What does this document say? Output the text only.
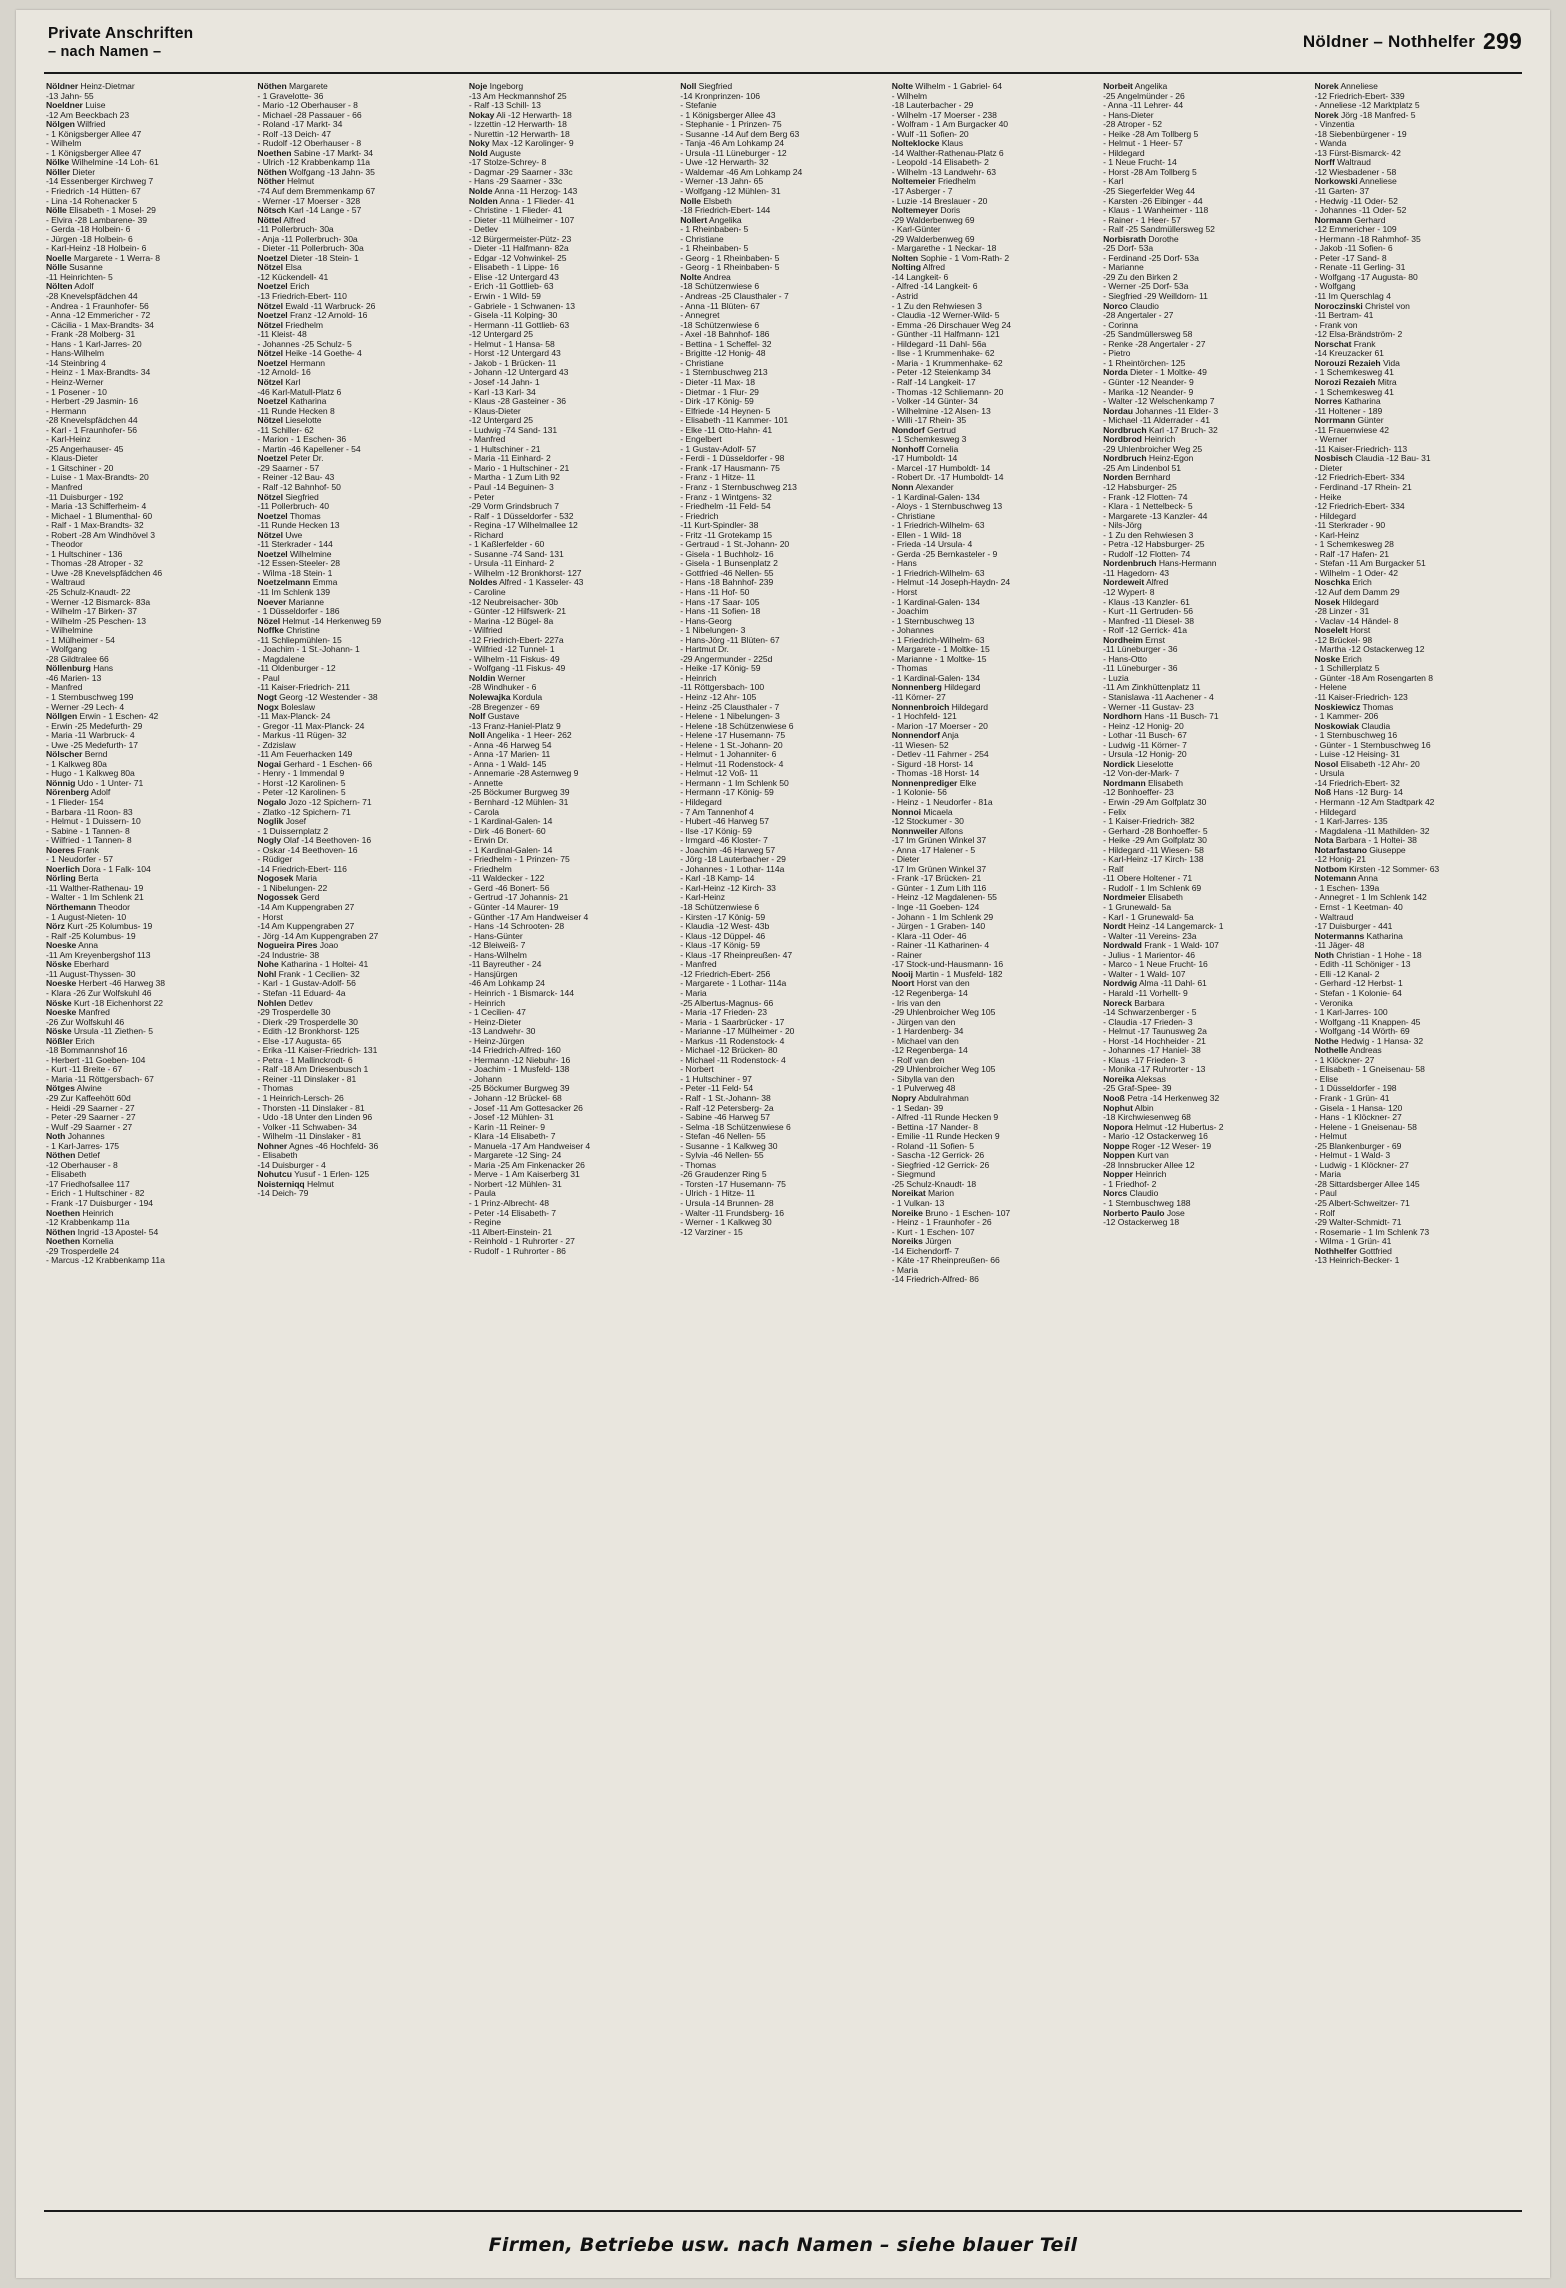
Private Anschriften
– nach Namen –
Nöldner – Nothhelfer 299
Nöldner Heinz-Dietmar
-13 Jahn- 55
Noeldner Luise
-12 Am Beeckbach 23
Nölgen Wilfried
- 1 Königsberger Allee 47
- Wilhelm
- 1 Königsberger Allee 47
Nölke Wilhelmine -14 Loh- 61
Nöller Dieter
-14 Essenberger Kirchweg 7
- Friedrich -14 Hütten- 67
- Lina -14 Rohenacker 5
Nölle Elisabeth - 1 Mosel- 29
- Elvira -28 Lambarene- 39
- Gerda -18 Holbein- 6
- Jürgen -18 Holbein- 6
- Karl-Heinz -18 Holbein- 6
Noelle Margarete - 1 Werra- 8
Nölle Susanne
-11 Heinrichten- 5
Nölten Adolf
-28 Knevelspfädchen 44
- Andrea - 1 Fraunhofer- 56
- Anna -12 Emmericher - 72
- Cäcilia - 1 Max-Brandts- 34
- Frank -28 Molberg- 31
- Hans - 1 Karl-Jarres- 20
- Hans-Wilhelm
-14 Steinbring 4
- Heinz - 1 Max-Brandts- 34
- Heinz-Werner
- 1 Posener - 10
- Herbert -29 Jasmin- 16
- Hermann
-28 Knevelspfädchen 44
- Karl - 1 Fraunhofer- 56
- Karl-Heinz
-25 Angerhauser- 45
- Klaus-Dieter
- 1 Gitschiner - 20
- Luise - 1 Max-Brandts- 20
- Manfred
-11 Duisburger - 192
- Maria -13 Schifferheim- 4
- Michael - 1 Blumenthal- 60
- Ralf - 1 Max-Brandts- 32
- Robert -28 Am Windhövel 3
- Theodor
- 1 Hultschiner - 136
- Thomas -28 Atroper - 32
- Uwe -28 Knevelspfädchen 46
- Waltraud
-25 Schulz-Knaudt- 22
- Werner -12 Bismarck- 83a
- Wilhelm -17 Birken- 37
- Wilhelm -25 Peschen- 13
- Wilhelmine
- 1 Mülheimer - 54
- Wolfgang
-28 Gildtralee 66
Nöllenburg Hans
-46 Marien- 13
- Manfred
- 1 Sternbuschweg 199
- Werner -29 Lech- 4
Nöllgen Erwin - 1 Eschen- 42
- Erwin -25 Medefurth- 29
- Maria -11 Warbruck- 4
- Uwe -25 Medefurth- 17
Nölscher Bernd
- 1 Kalkweg 80a
- Hugo - 1 Kalkweg 80a
Nönnig Udo - 1 Unter- 71
Nörenberg Adolf
- 1 Flieder- 154
- Barbara -11 Roon- 83
- Helmut - 1 Duissern- 10
- Sabine - 1 Tannen- 8
- Wilfried - 1 Tannen- 8
Noeres Frank
- 1 Neudorfer - 57
Noerlich Dora - 1 Falk- 104
Nörling Berta
-11 Walther-Rathenau- 19
- Walter - 1 Im Schlenk 21
Nörthemann Theodor
- 1 August-Nieten- 10
Nörz Kurt -25 Kolumbus- 19
- Ralf -25 Kolumbus- 19
Noeske Anna
-11 Am Kreyenbergshof 113
Nöske Eberhard
-11 August-Thyssen- 30
Noeske Herbert -46 Harweg 38
- Klara -26 Zur Wolfskuhl 46
Nöske Kurt -18 Eichenhorst 22
Noeske Manfred
-26 Zur Wolfskuhl 46
Nöske Ursula -11 Ziethen- 5
Nößler Erich
-18 Bommannshof 16
- Herbert -11 Goeben- 104
- Kurt -11 Breite - 67
- Maria -11 Röttgersbach- 67
Nötges Alwine
-29 Zur Kaffeehött 60d
- Heidi -29 Saarner - 27
- Peter -29 Saarner - 27
- Wulf -29 Saarner - 27
Noth Johannes
- 1 Karl-Jarres- 175
Nöthen Detlef
-12 Oberhauser - 8
- Elisabeth
-17 Friedhofsallee 117
- Erich - 1 Hultschiner - 82
- Frank -17 Duisburger - 194
Noethen Heinrich
-12 Krabbenkamp 11a
Nöthen Ingrid -13 Apostel- 54
Noethen Kornelia
-29 Trosperdelle 24
- Marcus -12 Krabbenkamp 11a
Nöthen Margarete
- 1 Gravelotte- 36
- Mario -12 Oberhauser - 8
- Michael -28 Passauer - 66
- Roland -17 Markt- 34
- Rolf -13 Deich- 47
- Rudolf -12 Oberhauser - 8
Noethen Sabine -17 Markt- 34
- Ulrich -12 Krabbenkamp 11a
Nöthen Wolfgang -13 Jahn- 35
Nöther Helmut
-74 Auf dem Bremmenkamp 67
- Werner -17 Moerser - 328
Nötsch Karl -14 Lange - 57
Nöttel Alfred
-11 Pollerbruch- 30a
- Anja -11 Pollerbruch- 30a
- Dieter -11 Pollerbruch- 30a
Noetzel Dieter -18 Stein- 1
Nötzel Elsa
-12 Kückendell- 41
Noetzel Erich
-13 Friedrich-Ebert- 110
Nötzel Ewald -11 Warbruck- 26
Noetzel Franz -12 Arnold- 16
Nötzel Friedhelm
-11 Kleist- 48
- Johannes -25 Schulz- 5
Nötzel Heike -14 Goethe- 4
Noetzel Hermann
-12 Arnold- 16
Nötzel Karl
-46 Karl-Matull-Platz 6
Noetzel Katharina
-11 Runde Hecken 8
Nötzel Lieselotte
-11 Schiller- 62
- Marion - 1 Eschen- 36
- Martin -46 Kapellener - 54
Noetzel Peter Dr.
-29 Saarner - 57
- Reiner -12 Bau- 43
- Ralf -12 Bahnhof- 50
Nötzel Siegfried
-11 Pollerbruch- 40
Noetzel Thomas
-11 Runde Hecken 13
Nötzel Uwe
-11 Sterkrader - 144
Noetzel Wilhelmine
-12 Essen-Steeler- 28
- Wilma -18 Stein- 1
Noetzelmann Emma
-11 Im Schlenk 139
Noever Marianne
- 1 Düsseldorfer - 186
Nözel Helmut -14 Herkenweg 59
Noffke Christine
-11 Schliepmühlen- 15
- Joachim - 1 St.-Johann- 1
- Magdalene
-11 Oldenburger - 12
- Paul
-11 Kaiser-Friedrich- 211
Nogt Georg -12 Westender - 38
Nogx Boleslaw
-11 Max-Planck- 24
- Gregor -11 Max-Planck- 24
- Markus -11 Rügen- 32
- Zdzislaw
-11 Am Feuerhacken 149
Nogai Gerhard - 1 Eschen- 66
- Henry - 1 Immendal 9
- Horst -12 Karolinen- 5
- Peter -12 Karolinen- 5
Nogalo Jozo -12 Spichern- 71
- Zlatko -12 Spichern- 71
Noglik Josef
- 1 Duissernplatz 2
Nogly Olaf -14 Beethoven- 16
- Oskar -14 Beethoven- 16
- Rüdiger
-14 Friedrich-Ebert- 116
Nogosek Maria
- 1 Nibelungen- 22
Nogossek Gerd
-14 Am Kuppengraben 27
- Horst
-14 Am Kuppengraben 27
- Jörg -14 Am Kuppengraben 27
Nogueira Pires Joao
-24 Industrie- 38
Nohe Katharina - 1 Holtei- 41
Nohl Frank - 1 Cecilien- 32
- Karl - 1 Gustav-Adolf- 56
- Stefan -11 Eduard- 4a
Nohlen Detlev
-29 Trosperdelle 30
- Dierk -29 Trosperdelle 30
- Edith -12 Bronkhorst- 125
- Else -17 Augusta- 65
- Erika -11 Kaiser-Friedrich- 131
- Petra - 1 Mallinckrodt- 6
- Ralf -18 Am Driesenbusch 1
- Reiner -11 Dinslaker - 81
- Thomas
- 1 Heinrich-Lersch- 26
- Thorsten -11 Dinslaker - 81
- Udo -18 Unter den Linden 96
- Volker -11 Schwaben- 34
- Wilhelm -11 Dinslaker - 81
Nohner Agnes -46 Hochfeld- 36
- Elisabeth
-14 Duisburger - 4
Nohutcu Yusuf - 1 Erlen- 125
Noisterniqq Helmut
-14 Deich- 79
Noje Ingeborg
-13 Am Heckmannshof 25
- Ralf -13 Schill- 13
Nokay Ali -12 Herwarth- 18
- Izzettin -12 Herwarth- 18
- Nurettin -12 Herwarth- 18
Noky Max -12 Karolinger- 9
Nold Auguste
-17 Stolze-Schrey- 8
- Dagmar -29 Saarner - 33c
- Hans -29 Saarner - 33c
Nolde Anna -11 Herzog- 143
Nolden Anna - 1 Flieder- 41
- Christine - 1 Flieder- 41
- Dieter -11 Mülheimer - 107
- Detlev
-12 Bürgermeister-Pütz- 23
- Dieter -11 Halfmann- 82a
- Edgar -12 Vohwinkel- 25
- Elisabeth - 1 Lippe- 16
- Elise -12 Untergard 43
- Erich -11 Gottlieb- 63
- Erwin - 1 Wild- 59
- Gabriele - 1 Schwanen- 13
- Gisela -11 Kolping- 30
- Hermann -11 Gottlieb- 63
-12 Untergard 25
- Helmut - 1 Hansa- 58
- Horst -12 Untergard 43
- Jakob - 1 Brücken- 11
- Johann -12 Untergard 43
- Josef -14 Jahn- 1
- Karl -13 Karl- 34
- Klaus -28 Gasteiner - 36
- Klaus-Dieter
-12 Untergard 25
- Ludwig -74 Sand- 131
- Manfred
- 1 Hultschiner - 21
- Maria -11 Einhard- 2
- Mario - 1 Hultschiner - 21
- Martha - 1 Zum Lith 92
- Paul -14 Beguinen- 3
- Peter
-29 Vorm Grindsbruch 7
- Ralf - 1 Düsseldorfer - 532
- Regina -17 Wilhelmallee 12
- Richard
- 1 Kaßlerfelder - 60
- Susanne -74 Sand- 131
- Ursula -11 Einhard- 2
- Wilhelm -12 Bronkhorst- 127
Noldes Alfred - 1 Kasseler- 43
- Caroline
-12 Neubreisacher- 30b
- Günter -12 Hilfswerk- 21
- Marina -12 Bügel- 8a
- Wilfried
-12 Friedrich-Ebert- 227a
- Wilfried -12 Tunnel- 1
- Wilhelm -11 Fiskus- 49
- Wolfgang -11 Fiskus- 49
Noldin Werner
-28 Windhuker - 6
Nolewajka Kordula
-28 Bregenzer - 69
Nolf Gustave
-13 Franz-Haniel-Platz 9
Noll Angelika - 1 Heer- 262
- Anna -46 Harweg 54
- Anna -17 Marien- 11
- Anna - 1 Wald- 145
- Annemarie -28 Asternweg 9
- Annette
-25 Böckumer Burgweg 39
- Bernhard -12 Mühlen- 31
- Carola
- 1 Kardinal-Galen- 14
- Dirk -46 Bonert- 60
- Erwin Dr.
- 1 Kardinal-Galen- 14
- Friedhelm - 1 Prinzen- 75
- Friedhelm
-11 Waldecker - 122
- Gerd -46 Bonert- 56
- Gertrud -17 Johannis- 21
- Günter -14 Maurer- 19
- Günther -17 Am Handweiser 4
- Hans -14 Schrooten- 28
- Hans-Günter
-12 Bleiweiß- 7
- Hans-Wilhelm
-11 Bayreuther - 24
- Hansjürgen
-46 Am Lohkamp 24
- Heinrich - 1 Bismarck- 144
- Heinrich
- 1 Cecilien- 47
- Heinz-Dieter
-13 Landwehr- 30
- Heinz-Jürgen
-14 Friedrich-Alfred- 160
- Hermann -12 Niebuhr- 16
- Joachim - 1 Musfeld- 138
- Johann
-25 Böckumer Burgweg 39
- Johann -12 Brückel- 68
- Josef -11 Am Gottesacker 26
- Josef -12 Mühlen- 31
- Karin -11 Reiner- 9
- Klara -14 Elisabeth- 7
- Manuela -17 Am Handweiser 4
- Margarete -12 Sing- 24
- Maria -25 Am Finkenacker 26
- Merve - 1 Am Kaiserberg 31
- Norbert -12 Mühlen- 31
- Paula
- 1 Prinz-Albrecht- 48
- Peter -14 Elisabeth- 7
- Regine
-11 Albert-Einstein- 21
- Reinhold - 1 Ruhrorter - 27
- Rudolf - 1 Ruhrorter - 86
Noll Siegfried
-14 Kronprinzen- 106
- Stefanie
- 1 Königsberger Allee 43
- Stephanie - 1 Prinzen- 75
- Susanne -14 Auf dem Berg 63
- Tanja -46 Am Lohkamp 24
- Ursula -11 Lüneburger - 12
- Uwe -12 Herwarth- 32
- Waldemar -46 Am Lohkamp 24
- Werner -13 Jahn- 65
- Wolfgang -12 Mühlen- 31
Nolle Elsbeth
-18 Friedrich-Ebert- 144
Nollert Angelika
- 1 Rheinbaben- 5
- Christiane
- 1 Rheinbaben- 5
- Georg - 1 Rheinbaben- 5
- Georg - 1 Rheinbaben- 5
Nolte Andrea
-18 Schützenwiese 6
- Andreas -25 Clausthaler - 7
- Anna -11 Blüten- 67
- Annegret
-18 Schützenwiese 6
- Axel -18 Bahnhof- 186
- Bettina - 1 Scheffel- 32
- Brigitte -12 Honig- 48
- Christiane
- 1 Sternbuschweg 213
- Dieter -11 Max- 18
- Dietmar - 1 Flur- 29
- Dirk -17 König- 59
- Elfriede -14 Heynen- 5
- Elisabeth -11 Kammer- 101
- Elke -11 Otto-Hahn- 41
- Engelbert
- 1 Gustav-Adolf- 57
- Ferdi - 1 Düsseldorfer - 98
- Frank -17 Hausmann- 75
- Franz - 1 Hitze- 11
- Franz - 1 Sternbuschweg 213
- Franz - 1 Wintgens- 32
- Friedhelm -11 Feld- 54
- Friedrich
-11 Kurt-Spindler- 38
- Fritz -11 Grotekamp 15
- Gertraud - 1 St.-Johann- 20
- Gisela - 1 Buchholz- 16
- Gisela - 1 Bunsenplatz 2
- Gottfried -46 Nellen- 55
- Hans -18 Bahnhof- 239
- Hans -11 Hof- 50
- Hans -17 Saar- 105
- Hans -11 Sofien- 18
- Hans-Georg
- 1 Nibelungen- 3
- Hans-Jörg -11 Blüten- 67
- Hartmut Dr.
-29 Angermunder - 225d
- Heike -17 König- 59
- Heinrich
-11 Röttgersbach- 100
- Heinz -12 Ahr- 105
- Heinz -25 Clausthaler - 7
- Helene - 1 Nibelungen- 3
- Helene -18 Schützenwiese 6
- Helene -17 Husemann- 75
- Helene - 1 St.-Johann- 20
- Helmut - 1 Johanniter- 6
- Helmut -11 Rodenstock- 4
- Helmut -12 Voß- 11
- Hermann - 1 Im Schlenk 50
- Hermann -17 König- 59
- Hildegard
- 7 Am Tannenhof 4
- Hubert -46 Harweg 57
- Ilse -17 König- 59
- Irmgard -46 Kloster- 7
- Joachim -46 Harweg 57
- Jörg -18 Lauterbacher - 29
- Johannes - 1 Lothar- 114a
- Karl -18 Kamp- 14
- Karl-Heinz -12 Kirch- 33
- Karl-Heinz
-18 Schützenwiese 6
- Kirsten -17 König- 59
- Klaudia -12 West- 43b
- Klaus -12 Düppel- 46
- Klaus -17 König- 59
- Klaus -17 Rheinpreußen- 47
- Manfred
-12 Friedrich-Ebert- 256
- Margarete - 1 Lothar- 114a
- Maria
-25 Albertus-Magnus- 66
- Maria -17 Frieden- 23
- Maria - 1 Saarbrücker - 17
- Marianne -17 Mülheimer - 20
- Markus -11 Rodenstock- 4
- Michael -12 Brücken- 80
- Michael -11 Rodenstock- 4
- Norbert
- 1 Hultschiner - 97
- Peter -11 Feld- 54
- Ralf - 1 St.-Johann- 38
- Ralf -12 Petersberg- 2a
- Sabine -46 Harweg 57
- Selma -18 Schützenwiese 6
- Stefan -46 Nellen- 55
- Susanne - 1 Kalkweg 30
- Sylvia -46 Nellen- 55
- Thomas
-26 Graudenzer Ring 5
- Torsten -17 Husemann- 75
- Ulrich - 1 Hitze- 11
- Ursula -14 Brunnen- 28
- Walter -11 Frundsberg- 16
- Werner - 1 Kalkweg 30
-12 Varziner - 15
Nolte Wilhelm - 1 Gabriel- 64
- Wilhelm
-18 Lauterbacher - 29
- Wilhelm -17 Moerser - 238
- Wolfram - 1 Am Burgacker 40
- Wulf -11 Sofien- 20
Nolteklocke Klaus
-14 Walther-Rathenau-Platz 6
- Leopold -14 Elisabeth- 2
- Wilhelm -13 Landwehr- 63
Noltemeier Friedhelm
-17 Asberger - 7
- Luzie -14 Breslauer - 20
Noltemeyer Doris
-29 Walderbenweg 69
- Karl-Günter
-29 Walderbenweg 69
- Margarethe - 1 Neckar- 18
Nolten Sophie - 1 Vom-Rath- 2
Nolting Alfred
-14 Langkeit- 6
- Alfred -14 Langkeit- 6
- Astrid
- 1 Zu den Rehwiesen 3
- Claudia -12 Werner-Wild- 5
- Emma -26 Dirschauer Weg 24
- Günther -11 Halfmann- 121
- Hildegard -11 Dahl- 56a
- Ilse - 1 Krummenhake- 62
- Maria - 1 Krummenhake- 62
- Peter -12 Steienkamp 34
- Ralf -14 Langkeit- 17
- Thomas -12 Schliemann- 20
- Volker -14 Günter- 34
- Wilhelmine -12 Alsen- 13
- Willi -17 Rhein- 35
Nondorf Gertrud
- 1 Schemkesweg 3
Nonhoff Cornelia
-17 Humboldt- 14
- Marcel -17 Humboldt- 14
- Robert Dr. -17 Humboldt- 14
Nonn Alexander
- 1 Kardinal-Galen- 134
- Aloys - 1 Sternbuschweg 13
- Christiane
- 1 Friedrich-Wilhelm- 63
- Ellen - 1 Wild- 18
- Frieda -14 Ursula- 4
- Gerda -25 Bernkasteler - 9
- Hans
- 1 Friedrich-Wilhelm- 63
- Helmut -14 Joseph-Haydn- 24
- Horst
- 1 Kardinal-Galen- 134
- Joachim
- 1 Sternbuschweg 13
- Johannes
- 1 Friedrich-Wilhelm- 63
- Margarete - 1 Moltke- 15
- Marianne - 1 Moltke- 15
- Thomas
- 1 Kardinal-Galen- 134
Nonnenberg Hildegard
-11 Körner- 27
Nonnenbroich Hildegard
- 1 Hochfeld- 121
- Marion -17 Moerser - 20
Nonnendorf Anja
-11 Wiesen- 52
- Detlev -11 Fahrner - 254
- Sigurd -18 Horst- 14
- Thomas -18 Horst- 14
Nonnenprediger Elke
- 1 Kolonie- 56
- Heinz - 1 Neudorfer - 81a
Nonnoi Micaela
-12 Stockumer - 30
Nonnweiler Alfons
-17 Im Grünen Winkel 37
- Anna -17 Halener - 5
- Dieter
-17 Im Grünen Winkel 37
- Frank -17 Brücken- 21
- Günter - 1 Zum Lith 116
- Heinz -12 Magdalenen- 55
- Inge -11 Goeben- 124
- Johann - 1 Im Schlenk 29
- Jürgen - 1 Graben- 140
- Klara -11 Oder- 46
- Rainer -11 Katharinen- 4
- Rainer
-17 Stock-und-Hausmann- 16
Nooij Martin - 1 Musfeld- 182
Noort Horst van den
-12 Regenberga- 14
- Iris van den
-29 Uhlenbroicher Weg 105
- Jürgen van den
- 1 Hardenberg- 34
- Michael van den
-12 Regenberga- 14
- Rolf van den
-29 Uhlenbroicher Weg 105
- Sibylla van den
- 1 Pulverweg 48
Nopry Abdulrahman
- 1 Sedan- 39
- Alfred -11 Runde Hecken 9
- Bettina -17 Nander- 8
- Emilie -11 Runde Hecken 9
- Roland -11 Sofien- 5
- Sascha -12 Gerrick- 26
- Siegfried -12 Gerrick- 26
- Siegmund
-25 Schulz-Knaudt- 18
Noreikat Marion
- 1 Vulkan- 13
Noreike Bruno - 1 Eschen- 107
- Heinz - 1 Fraunhofer - 26
- Kurt - 1 Eschen- 107
Noreiks Jürgen
-14 Eichendorff- 7
- Käte -17 Rheinpreußen- 66
- Maria
-14 Friedrich-Alfred- 86
Norbeit Angelika
-25 Angelmünder - 26
- Anna -11 Lehrer- 44
- Hans-Dieter
-28 Atroper - 52
- Heike -28 Am Tollberg 5
- Helmut - 1 Heer- 57
- Hildegard
- 1 Neue Frucht- 14
- Horst -28 Am Tollberg 5
- Karl
-25 Siegerfelder Weg 44
- Karsten -26 Eibinger - 44
- Klaus - 1 Wanheimer - 118
- Rainer - 1 Heer- 57
- Ralf -25 Sandmüllersweg 52
Norbisrath Dorothe
-25 Dorf- 53a
- Ferdinand -25 Dorf- 53a
- Marianne
-29 Zu den Birken 2
- Werner -25 Dorf- 53a
- Siegfried -29 Weilldorn- 11
Norco Claudio
-28 Angertaler - 27
- Corinna
-25 Sandmüllersweg 58
- Renke -28 Angertaler - 27
- Pietro
- 1 Rheintörchen- 125
Norda Dieter - 1 Moltke- 49
- Günter -12 Neander- 9
- Marika -12 Neander- 9
- Walter -12 Welschenkamp 7
Nordau Johannes -11 Elder- 3
- Michael -11 Alderrader - 41
Nordbruch Karl -17 Bruch- 32
Nordbrod Heinrich
-29 Uhlenbroicher Weg 25
Nordbruch Heinz-Egon
-25 Am Lindenbol 51
Norden Bernhard
-12 Habsburger- 25
- Frank -12 Flotten- 74
- Klara - 1 Nettelbeck- 5
- Margarete -13 Kanzler- 44
- Nils-Jörg
- 1 Zu den Rehwiesen 3
- Petra -12 Habsburger- 25
- Rudolf -12 Flotten- 74
Nordenbruch Hans-Hermann
-11 Hagedorn- 43
Nordeweit Alfred
-12 Wypert- 8
- Klaus -13 Kanzler- 61
- Kurt -11 Gertruden- 56
- Manfred -11 Diesel- 38
- Rolf -12 Gerrick- 41a
Nordheim Ernst
-11 Lüneburger - 36
- Hans-Otto
-11 Lüneburger - 36
- Luzia
-11 Am Zinkhüttenplatz 11
- Stanislawa -11 Aachener - 4
- Werner -11 Gustav- 23
Nordhorn Hans -11 Busch- 71
- Heinz -12 Honig- 20
- Lothar -11 Busch- 67
- Ludwig -11 Körner- 7
- Ursula -12 Honig- 20
Nordick Lieselotte
-12 Von-der-Mark- 7
Nordmann Elisabeth
-12 Bonhoeffer- 23
- Erwin -29 Am Golfplatz 30
- Felix
- 1 Kaiser-Friedrich- 382
- Gerhard -28 Bonhoeffer- 5
- Heike -29 Am Golfplatz 30
- Hildegard -11 Wiesen- 58
- Karl-Heinz -17 Kirch- 138
- Ralf
-11 Obere Holtener - 71
- Rudolf - 1 Im Schlenk 69
Nordmeier Elisabeth
- 1 Grunewald- 5a
- Karl - 1 Grunewald- 5a
Nordt Heinz -14 Langemarck- 1
- Walter -11 Vereins- 23a
Nordwald Frank - 1 Wald- 107
- Julius - 1 Marientor- 46
- Marco - 1 Neue Frucht- 16
- Walter - 1 Wald- 107
Nordwig Alma -11 Dahl- 61
- Harald -11 Vorhellt- 9
Noreck Barbara
-14 Schwarzenberger - 5
- Claudia -17 Frieden- 3
- Helmut -17 Taunusweg 2a
- Horst -14 Hochheider - 21
- Johannes -17 Haniel- 38
- Klaus -17 Frieden- 3
- Monika -17 Ruhrorter - 13
Noreika Aleksas
-25 Graf-Spee- 39
Nooß Petra -14 Herkenweg 32
Nophut Albin
-18 Kirchwiesenweg 68
Nopora Helmut -12 Hubertus- 2
- Mario -12 Ostackerweg 16
Noppe Roger -12 Weser- 19
Noppen Kurt van
-28 Innsbrucker Allee 12
Nopper Heinrich
- 1 Friedhof- 2
Norcs Claudio
- 1 Sternbuschweg 188
Norberto Paulo Jose
-12 Ostackerweg 18
Norek Anneliese
-12 Friedrich-Ebert- 339
- Anneliese -12 Marktplatz 5
Norek Jörg -18 Manfred- 5
- Vinzentia
-18 Siebenbürgener - 19
- Wanda
-13 Fürst-Bismarck- 42
Norff Waltraud
-12 Wiesbadener - 58
Norkowski Anneliese
-11 Garten- 37
- Hedwig -11 Oder- 52
- Johannes -11 Oder- 52
Normann Gerhard
-12 Emmericher - 109
- Hermann -18 Rahmhof- 35
- Jakob -11 Sofien- 6
- Peter -17 Sand- 8
- Renate -11 Gerling- 31
- Wolfgang -17 Augusta- 80
- Wolfgang
-11 Im Querschlag 4
Noroczinski Christel von
-11 Bertram- 41
- Frank von
-12 Elsa-Brändström- 2
Norschat Frank
-14 Kreuzacker 61
Norouzi Rezaieh Vida
- 1 Schemkesweg 41
Norozi Rezaieh Mitra
- 1 Schemkesweg 41
Norres Katharina
-11 Holtener - 189
Norrmann Günter
-11 Frauenwiese 42
- Werner
-11 Kaiser-Friedrich- 113
Nosbisch Claudia -12 Bau- 31
- Dieter
-12 Friedrich-Ebert- 334
- Ferdinand -17 Rhein- 21
- Heike
-12 Friedrich-Ebert- 334
- Hildegard
-11 Sterkrader - 90
- Karl-Heinz
- 1 Schemkesweg 28
- Ralf -17 Hafen- 21
- Stefan -11 Am Burgacker 51
- Wilhelm - 1 Oder- 42
Noschka Erich
-12 Auf dem Damm 29
Nosek Hildegard
-28 Linzer - 31
- Vaclav -14 Händel- 8
Noselelt Horst
-12 Brückel- 98
- Martha -12 Ostackerweg 12
Noske Erich
- 1 Schillerplatz 5
- Günter -18 Am Rosengarten 8
- Helene
-11 Kaiser-Friedrich- 123
Noskiewicz Thomas
- 1 Kammer- 206
Noskowiak Claudia
- 1 Sternbuschweg 16
- Günter - 1 Sternbuschweg 16
- Luise -12 Heising- 31
Nosol Elisabeth -12 Ahr- 20
- Ursula
-14 Friedrich-Ebert- 32
Noß Hans -12 Burg- 14
- Hermann -12 Am Stadtpark 42
- Hildegard
- 1 Karl-Jarres- 135
- Magdalena -11 Mathilden- 32
Nota Barbara - 1 Holtei- 38
Notarfastano Giuseppe
-12 Honig- 21
Notbom Kirsten -12 Sommer- 63
Notemann Anna
- 1 Eschen- 139a
- Annegret - 1 Im Schlenk 142
- Ernst - 1 Keetman- 40
- Waltraud
-17 Duisburger - 441
Notermanns Katharina
-11 Jäger- 48
Noth Christian - 1 Hohe - 18
- Edith -11 Schöniger - 13
- Elli -12 Kanal- 2
- Gerhard -12 Herbst- 1
- Stefan - 1 Kolonie- 64
- Veronika
- 1 Karl-Jarres- 100
- Wolfgang -11 Knappen- 45
- Wolfgang -14 Wörth- 69
Nothe Hedwig - 1 Hansa- 32
Nothelle Andreas
- 1 Klöckner- 27
- Elisabeth - 1 Gneisenau- 58
- Elise
- 1 Düsseldorfer - 198
- Frank - 1 Grün- 41
- Gisela - 1 Hansa- 120
- Hans - 1 Klöckner- 27
- Helene - 1 Gneisenau- 58
- Helmut
-25 Blankenburger - 69
- Helmut - 1 Wald- 3
- Ludwig - 1 Klöckner- 27
- Maria
-28 Sittardsberger Allee 145
- Paul
-25 Albert-Schweitzer- 71
- Rolf
-29 Walter-Schmidt- 71
- Rosemarie - 1 Im Schlenk 73
- Wilma - 1 Grün- 41
Nothhelfer Gottfried
-13 Heinrich-Becker- 1
Firmen, Betriebe usw. nach Namen – siehe blauer Teil
